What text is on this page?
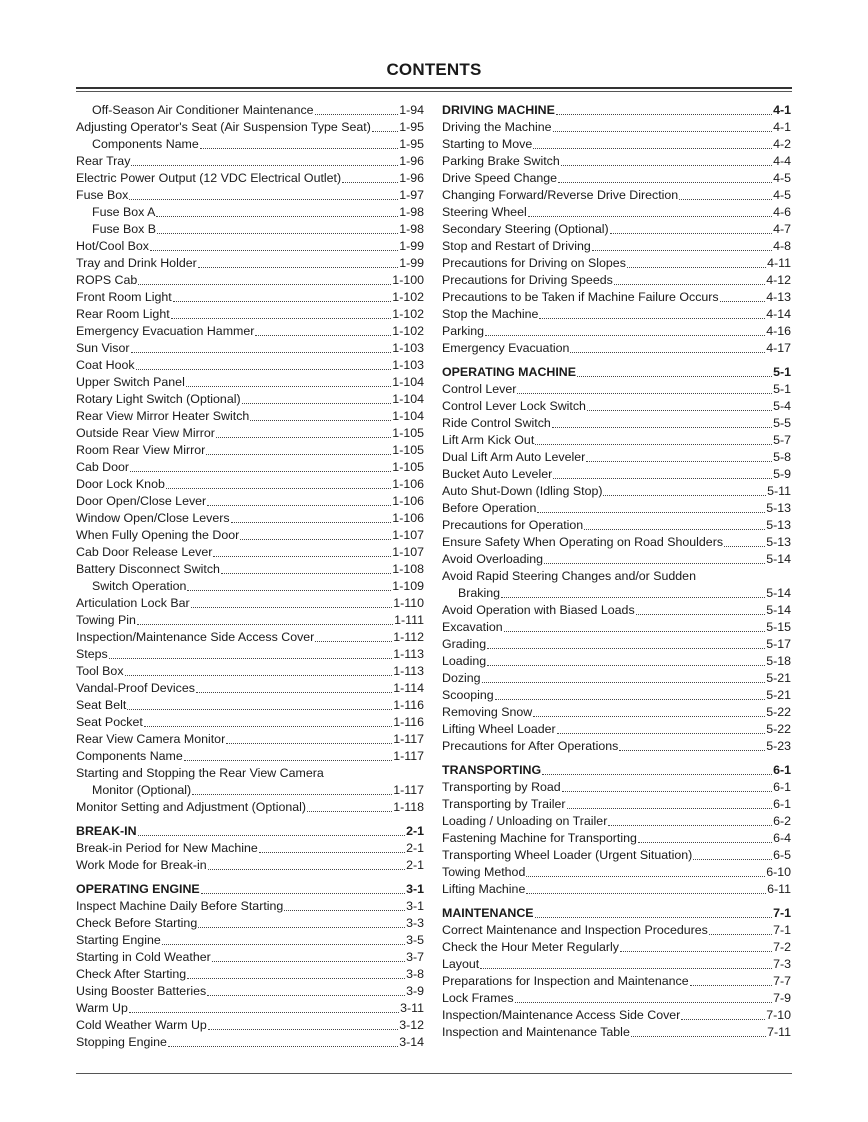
CONTENTS
Off-Season Air Conditioner Maintenance	1-94
Adjusting Operator's Seat (Air Suspension Type Seat) 1-95
Components Name	1-95
Rear Tray	1-96
Electric Power Output (12 VDC Electrical Outlet)	1-96
Fuse Box	1-97
Fuse Box A	1-98
Fuse Box B	1-98
Hot/Cool Box	1-99
Tray and Drink Holder	1-99
ROPS Cab	1-100
Front Room Light	1-102
Rear Room Light	1-102
Emergency Evacuation Hammer	1-102
Sun Visor	1-103
Coat Hook	1-103
Upper Switch Panel	1-104
Rotary Light Switch (Optional)	1-104
Rear View Mirror Heater Switch	1-104
Outside Rear View Mirror	1-105
Room Rear View Mirror	1-105
Cab Door	1-105
Door Lock Knob	1-106
Door Open/Close Lever	1-106
Window Open/Close Levers	1-106
When Fully Opening the Door	1-107
Cab Door Release Lever	1-107
Battery Disconnect Switch	1-108
Switch Operation	1-109
Articulation Lock Bar	1-110
Towing Pin	1-111
Inspection/Maintenance Side Access Cover	1-112
Steps	1-113
Tool Box	1-113
Vandal-Proof Devices	1-114
Seat Belt	1-116
Seat Pocket	1-116
Rear View Camera Monitor	1-117
Components Name	1-117
Starting and Stopping the Rear View Camera
Monitor (Optional)	1-117
Monitor Setting and Adjustment (Optional)	1-118
BREAK-IN	2-1
Break-in Period for New Machine	2-1
Work Mode for Break-in	2-1
OPERATING ENGINE	3-1
Inspect Machine Daily Before Starting	3-1
Check Before Starting	3-3
Starting Engine	3-5
Starting in Cold Weather	3-7
Check After Starting	3-8
Using Booster Batteries	3-9
Warm Up	3-11
Cold Weather Warm Up	3-12
Stopping Engine	3-14
DRIVING MACHINE	4-1
Driving the Machine	4-1
Starting to Move	4-2
Parking Brake Switch	4-4
Drive Speed Change	4-5
Changing Forward/Reverse Drive Direction	4-5
Steering Wheel	4-6
Secondary Steering (Optional)	4-7
Stop and Restart of Driving	4-8
Precautions for Driving on Slopes	4-11
Precautions for Driving Speeds	4-12
Precautions to be Taken if Machine Failure Occurs	4-13
Stop the Machine	4-14
Parking	4-16
Emergency Evacuation	4-17
OPERATING MACHINE	5-1
Control Lever	5-1
Control Lever Lock Switch	5-4
Ride Control Switch	5-5
Lift Arm Kick Out	5-7
Dual Lift Arm Auto Leveler	5-8
Bucket Auto Leveler	5-9
Auto Shut-Down (Idling Stop)	5-11
Before Operation	5-13
Precautions for Operation	5-13
Ensure Safety When Operating on Road Shoulders	5-13
Avoid Overloading	5-14
Avoid Rapid Steering Changes and/or Sudden
Braking	5-14
Avoid Operation with Biased Loads	5-14
Excavation	5-15
Grading	5-17
Loading	5-18
Dozing	5-21
Scooping	5-21
Removing Snow	5-22
Lifting Wheel Loader	5-22
Precautions for After Operations	5-23
TRANSPORTING	6-1
Transporting by Road	6-1
Transporting by Trailer	6-1
Loading / Unloading on Trailer	6-2
Fastening Machine for Transporting	6-4
Transporting Wheel Loader (Urgent Situation)	6-5
Towing Method	6-10
Lifting Machine	6-11
MAINTENANCE	7-1
Correct Maintenance and Inspection Procedures	7-1
Check the Hour Meter Regularly	7-2
Layout	7-3
Preparations for Inspection and Maintenance	7-7
Lock Frames	7-9
Inspection/Maintenance Access Side Cover	7-10
Inspection and Maintenance Table	7-11
